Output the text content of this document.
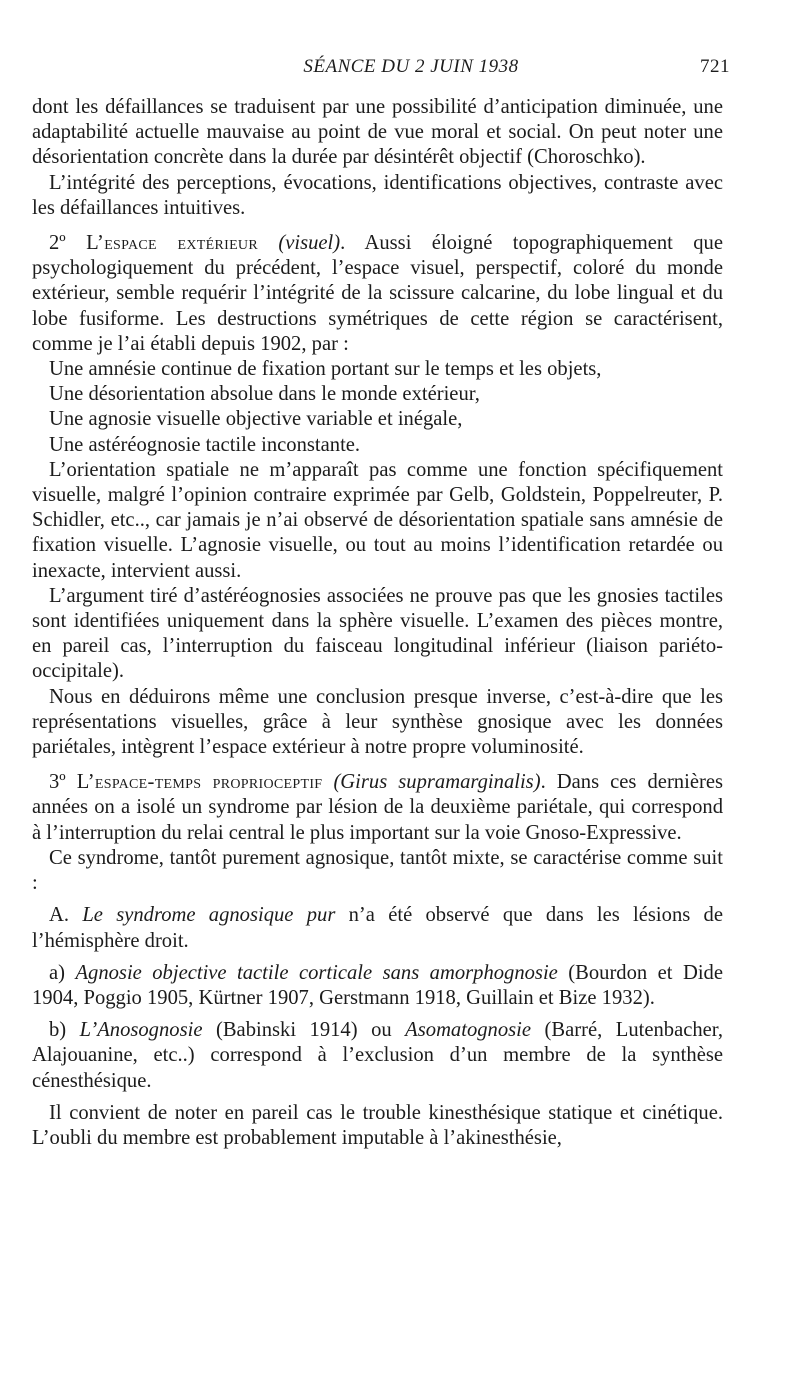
SÉANCE DU 2 JUIN 1938	721

dont les défaillances se traduisent par une possibilité d’anticipation diminuée, une adaptabilité actuelle mauvaise au point de vue moral et social. On peut noter une désorientation concrète dans la durée par désintérêt objectif (Choroschko).

L’intégrité des perceptions, évocations, identifications objectives, contraste avec les défaillances intuitives.

2º L’espace extérieur (visuel). Aussi éloigné topographiquement que psychologiquement du précédent, l’espace visuel, perspectif, coloré du monde extérieur, semble requérir l’intégrité de la scissure calcarine, du lobe lingual et du lobe fusiforme. Les destructions symétriques de cette région se caractérisent, comme je l’ai établi depuis 1902, par :

Une amnésie continue de fixation portant sur le temps et les objets,

Une désorientation absolue dans le monde extérieur,

Une agnosie visuelle objective variable et inégale,

Une astéréognosie tactile inconstante.

L’orientation spatiale ne m’apparaît pas comme une fonction spécifiquement visuelle, malgré l’opinion contraire exprimée par Gelb, Goldstein, Poppelreuter, P. Schidler, etc.., car jamais je n’ai observé de désorientation spatiale sans amnésie de fixation visuelle. L’agnosie visuelle, ou tout au moins l’identification retardée ou inexacte, intervient aussi.

L’argument tiré d’astéréognosies associées ne prouve pas que les gnosies tactiles sont identifiées uniquement dans la sphère visuelle. L’examen des pièces montre, en pareil cas, l’interruption du faisceau longitudinal inférieur (liaison pariéto-occipitale).

Nous en déduirons même une conclusion presque inverse, c’est-à-dire que les représentations visuelles, grâce à leur synthèse gnosique avec les données pariétales, intègrent l’espace extérieur à notre propre voluminosité.

3º L’espace-temps proprioceptif (Girus supramarginalis). Dans ces dernières années on a isolé un syndrome par lésion de la deuxième pariétale, qui correspond à l’interruption du relai central le plus important sur la voie Gnoso-Expressive.

Ce syndrome, tantôt purement agnosique, tantôt mixte, se caractérise comme suit :

A. Le syndrome agnosique pur n’a été observé que dans les lésions de l’hémisphère droit.

a) Agnosie objective tactile corticale sans amorphognosie (Bourdon et Dide 1904, Poggio 1905, Kürtner 1907, Gerstmann 1918, Guillain et Bize 1932).

b) L’Anosognosie (Babinski 1914) ou Asomatognosie (Barré, Lutenbacher, Alajouanine, etc..) correspond à l’exclusion d’un membre de la synthèse cénesthésique.

Il convient de noter en pareil cas le trouble kinesthésique statique et cinétique. L’oubli du membre est probablement imputable à l’akinesthésie,
